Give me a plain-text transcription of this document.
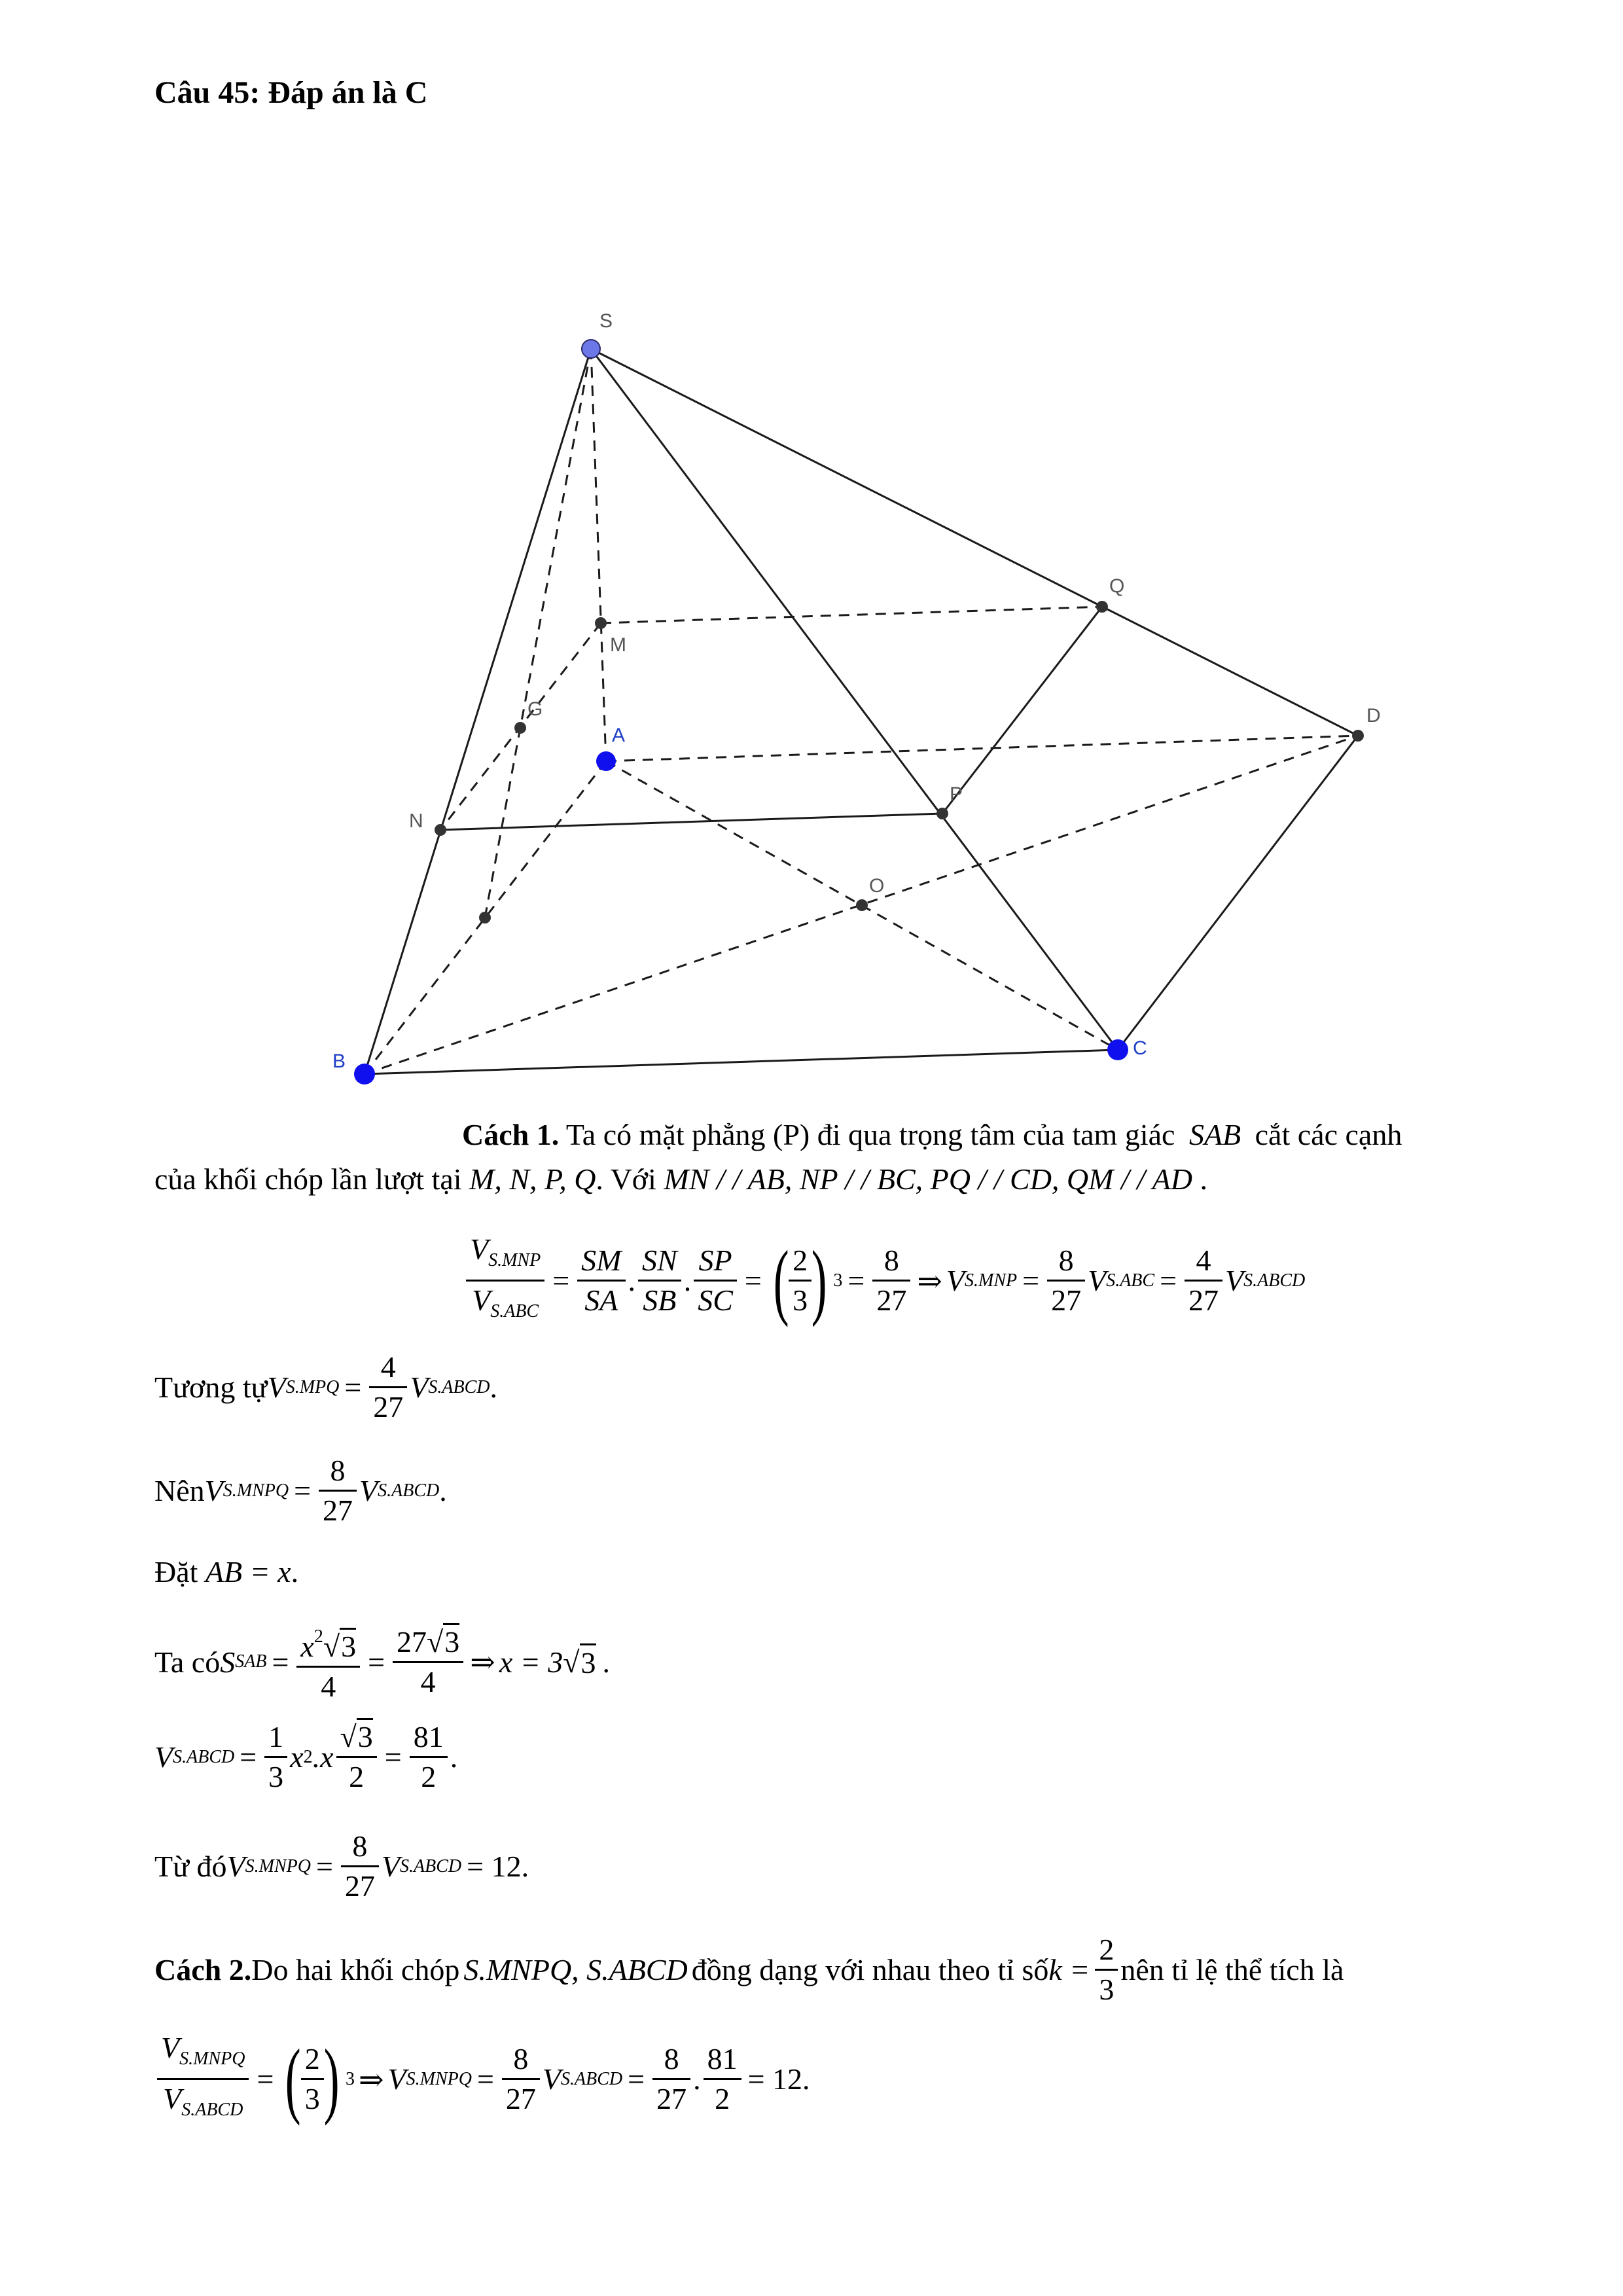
Câu 45: Đáp án là C
S
Q
M
G	D
N
P
O
A
B
C
Cách 1. Ta có mặt phẳng (P) đi qua trọng tâm của tam giác SAB cắt các cạnh
của khối chóp lần lượt tại M, N, P, Q. Với MN / / AB, NP / / BC, PQ / / CD, QM / / AD .
$\frac{V_{S.MNP}}{V_{S.ABC}} = \frac{SM}{SA}$ . $\frac{SN}{SB}$ . $\frac{SP}{SC}$ = ( $\frac{2}{3}$ ) $3 = \frac{8}{27}$ ⇒ V $S.MNP = \frac{8}{27}$ V $S.ABC = \frac{4}{27}$ V S.ABCD
Tương tự V $S.MPQ = \frac{4}{27}$ V S.ABCD .
Nên V S.MNPQ = $\frac{8}{27}$ V S.ABCD .
Đặt AB = x.
Ta có S SAB = $\frac{x^2√3}{4} = \frac{27√3}{4}$ ⇒ x = 3 √ 3 .
V S.ABCD = $\frac{1}{3}$ x 2 $.x \frac{√3}{2} = \frac{81}{2}$ .
Từ đó V S.MNPQ = $\frac{8}{27}$ V S.ABCD = 12 .
Cách 2. Do hai khối chóp S.MNPQ, S.ABCD đồng dạng với nhau theo tỉ số $k = \frac{2}{3}$ nên tỉ lệ thể tích là
$\frac{V_{S.MNPQ}}{V_{S.ABCD}}$ = ( $\frac{2}{3}$ ) 3 ⇒ V S.MNPQ = $\frac{8}{27}$ V S.ABCD = $\frac{8}{27}$ . $\frac{81}{2} = 12$ .
